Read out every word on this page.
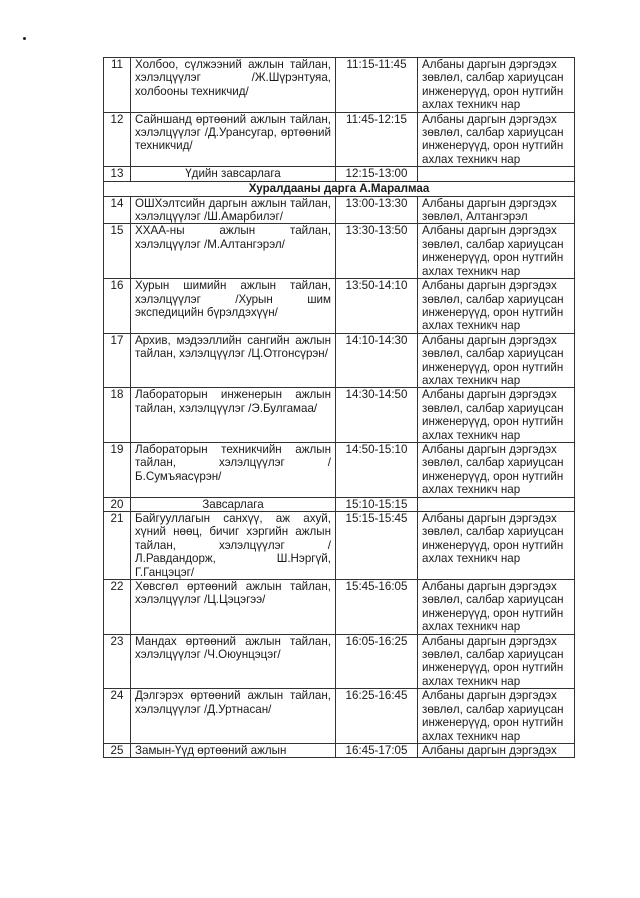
11	Холбоо, сүлжээний ажлын тайлан, хэлэлцүүлэг /Ж.Шүрэнтуяа, холбооны техникчид/	11:15-11:45	Албаны даргын дэргэдэх зөвлөл, салбар хариуцсан инженерүүд, орон нутгийн ахлах техникч нар
12	Сайншанд өртөөний ажлын тайлан, хэлэлцүүлэг /Д.Урансугар, өртөөний техникчид/	11:45-12:15	Албаны даргын дэргэдэх зөвлөл, салбар хариуцсан инженерүүд, орон нутгийн ахлах техникч нар
13	Үдийн завсарлага	12:15-13:00	
Хуралдааны дарга А.Маралмаа			
14	ОШХэлтсийн даргын ажлын тайлан, хэлэлцүүлэг /Ш.Амарбилэг/	13:00-13:30	Албаны даргын дэргэдэх зөвлөл, Алтангэрэл
15	ХХАА-ны ажлын тайлан, хэлэлцүүлэг /М.Алтангэрэл/	13:30-13:50	Албаны даргын дэргэдэх зөвлөл, салбар хариуцсан инженерүүд, орон нутгийн ахлах техникч нар
16	Хурын шимийн ажлын тайлан, хэлэлцүүлэг /Хурын шим экспедицийн бүрэлдэхүүн/	13:50-14:10	Албаны даргын дэргэдэх зөвлөл, салбар хариуцсан инженерүүд, орон нутгийн ахлах техникч нар
17	Архив, мэдээллийн сангийн ажлын тайлан, хэлэлцүүлэг /Ц.Отгонсүрэн/	14:10-14:30	Албаны даргын дэргэдэх зөвлөл, салбар хариуцсан инженерүүд, орон нутгийн ахлах техникч нар
18	Лабораторын инженерын ажлын тайлан, хэлэлцүүлэг /Э.Булгамаа/	14:30-14:50	Албаны даргын дэргэдэх зөвлөл, салбар хариуцсан инженерүүд, орон нутгийн ахлах техникч нар
19	Лабораторын техникчийн ажлын тайлан, хэлэлцүүлэг /Б.Сумъяасүрэн/	14:50-15:10	Албаны даргын дэргэдэх зөвлөл, салбар хариуцсан инженерүүд, орон нутгийн ахлах техникч нар
20	Завсарлага	15:10-15:15	
21	Байгууллагын санхүү, аж ахуй, хүний нөөц, бичиг хэргийн ажлын тайлан, хэлэлцүүлэг /Л.Равдандорж, Ш.Нэргүй, Г.Ганцэцэг/	15:15-15:45	Албаны даргын дэргэдэх зөвлөл, салбар хариуцсан инженерүүд, орон нутгийн ахлах техникч нар
22	Хөвсгөл өртөөний ажлын тайлан, хэлэлцүүлэг /Ц.Цэцэгээ/	15:45-16:05	Албаны даргын дэргэдэх зөвлөл, салбар хариуцсан инженерүүд, орон нутгийн ахлах техникч нар
23	Мандах өртөөний ажлын тайлан, хэлэлцүүлэг /Ч.Оюунцэцэг/	16:05-16:25	Албаны даргын дэргэдэх зөвлөл, салбар хариуцсан инженерүүд, орон нутгийн ахлах техникч нар
24	Дэлгэрэх өртөөний ажлын тайлан, хэлэлцүүлэг /Д.Уртнасан/	16:25-16:45	Албаны даргын дэргэдэх зөвлөл, салбар хариуцсан инженерүүд, орон нутгийн ахлах техникч нар
25	Замын-Үүд өртөөний ажлын	16:45-17:05	Албаны даргын дэргэдэх
